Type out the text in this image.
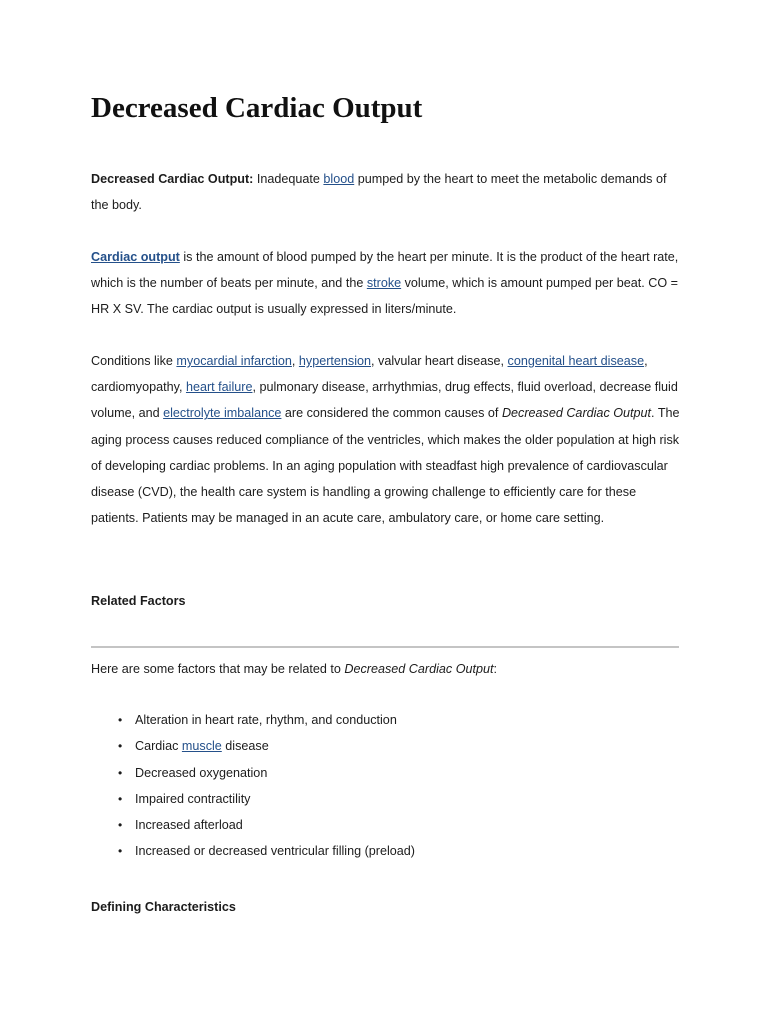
Decreased Cardiac Output

Decreased Cardiac Output: Inadequate blood pumped by the heart to meet the metabolic demands of the body.

Cardiac output is the amount of blood pumped by the heart per minute. It is the product of the heart rate, which is the number of beats per minute, and the stroke volume, which is amount pumped per beat. CO = HR X SV. The cardiac output is usually expressed in liters/minute.

Conditions like myocardial infarction, hypertension, valvular heart disease, congenital heart disease, cardiomyopathy, heart failure, pulmonary disease, arrhythmias, drug effects, fluid overload, decrease fluid volume, and electrolyte imbalance are considered the common causes of Decreased Cardiac Output. The aging process causes reduced compliance of the ventricles, which makes the older population at high risk of developing cardiac problems. In an aging population with steadfast high prevalence of cardiovascular disease (CVD), the health care system is handling a growing challenge to efficiently care for these patients. Patients may be managed in an acute care, ambulatory care, or home care setting.

Related Factors

Here are some factors that may be related to Decreased Cardiac Output:

• Alteration in heart rate, rhythm, and conduction
• Cardiac muscle disease
• Decreased oxygenation
• Impaired contractility
• Increased afterload
• Increased or decreased ventricular filling (preload)
Defining Characteristics
